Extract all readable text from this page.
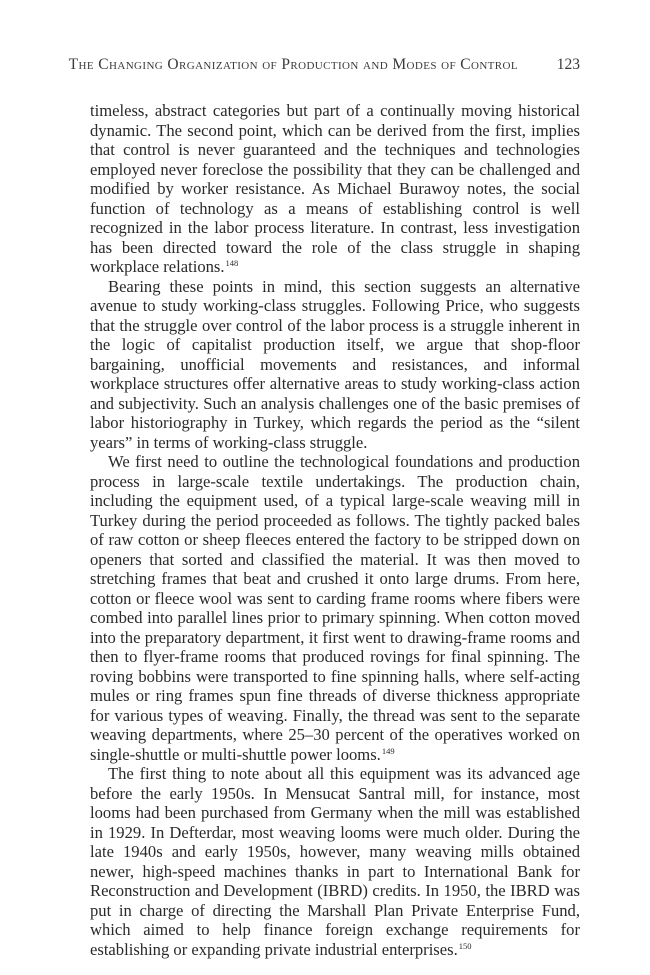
The Changing Organization of Production and Modes of Control	123

timeless, abstract categories but part of a continually moving historical dynamic. The second point, which can be derived from the first, implies that control is never guaranteed and the techniques and technologies employed never foreclose the possibility that they can be challenged and modified by worker resistance. As Michael Burawoy notes, the social function of technology as a means of establishing control is well recognized in the labor process literature. In contrast, less investigation has been directed toward the role of the class struggle in shaping workplace relations.$^{148}$

Bearing these points in mind, this section suggests an alternative avenue to study working-class struggles. Following Price, who suggests that the struggle over control of the labor process is a struggle inherent in the logic of capitalist production itself, we argue that shop-floor bargaining, unofficial movements and resistances, and informal workplace structures offer alternative areas to study working-class action and subjectivity. Such an analysis challenges one of the basic premises of labor historiography in Turkey, which regards the period as the “silent years” in terms of working-class struggle.

We first need to outline the technological foundations and production process in large-scale textile undertakings. The production chain, including the equipment used, of a typical large-scale weaving mill in Turkey during the period proceeded as follows. The tightly packed bales of raw cotton or sheep fleeces entered the factory to be stripped down on openers that sorted and classified the material. It was then moved to stretching frames that beat and crushed it onto large drums. From here, cotton or fleece wool was sent to carding frame rooms where fibers were combed into parallel lines prior to primary spinning. When cotton moved into the preparatory department, it first went to drawing-frame rooms and then to flyer-frame rooms that produced rovings for final spinning. The roving bobbins were transported to fine spinning halls, where self-acting mules or ring frames spun fine threads of diverse thickness appropriate for various types of weaving. Finally, the thread was sent to the separate weaving departments, where 25–30 percent of the operatives worked on single-shuttle or multi-shuttle power looms.$^{149}$

The first thing to note about all this equipment was its advanced age before the early 1950s. In Mensucat Santral mill, for instance, most looms had been purchased from Germany when the mill was established in 1929. In Defterdar, most weaving looms were much older. During the late 1940s and early 1950s, however, many weaving mills obtained newer, high-speed machines thanks in part to International Bank for Reconstruction and Development (IBRD) credits. In 1950, the IBRD was put in charge of directing the Marshall Plan Private Enterprise Fund, which aimed to help finance foreign exchange requirements for establishing or expanding private industrial enterprises.$^{150}$
